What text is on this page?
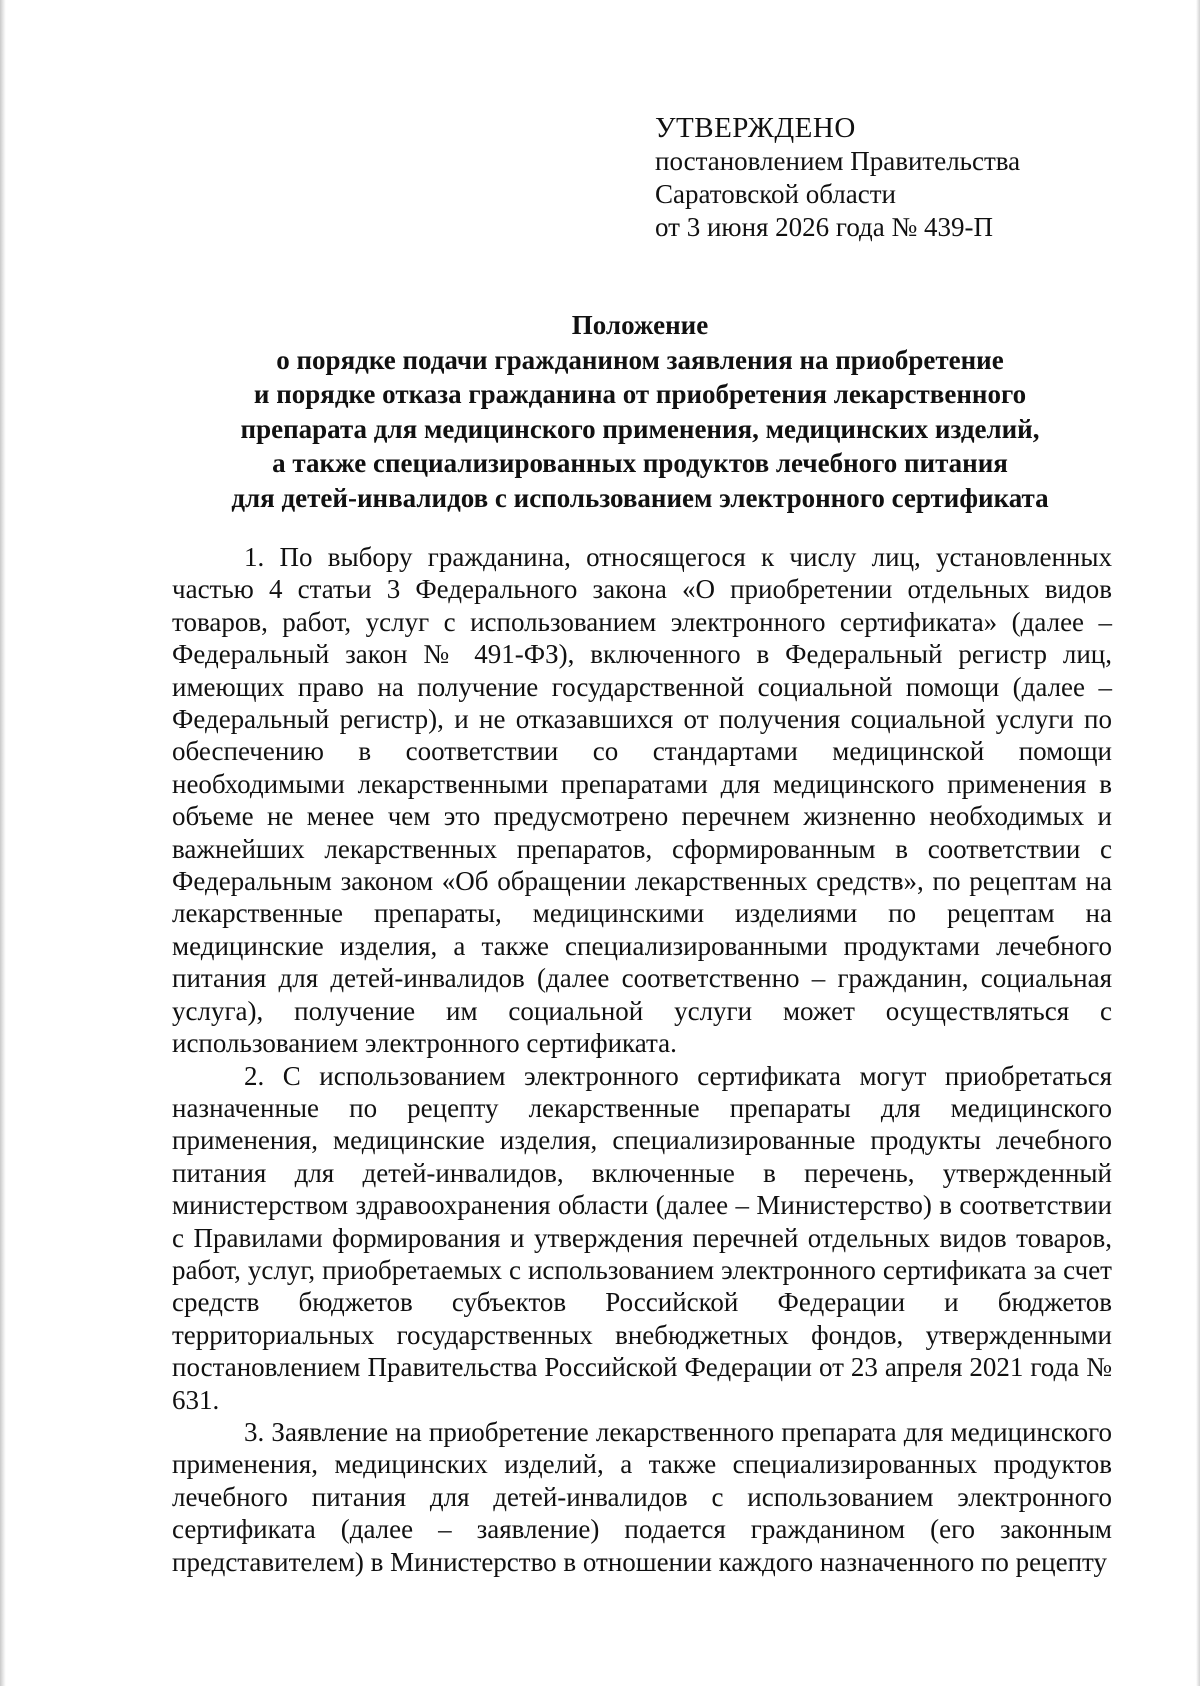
УТВЕРЖДЕНО
постановлением Правительства
Саратовской области
от 3 июня 2026 года № 439-П
Положение
о порядке подачи гражданином заявления на приобретение
и порядке отказа гражданина от приобретения лекарственного
препарата для медицинского применения, медицинских изделий,
а также специализированных продуктов лечебного питания
для детей-инвалидов с использованием электронного сертификата

1. По выбору гражданина, относящегося к числу лиц, установленных частью 4 статьи 3 Федерального закона «О приобретении отдельных видов товаров, работ, услуг с использованием электронного сертификата» (далее – Федеральный закон № 491-ФЗ), включенного в Федеральный регистр лиц, имеющих право на получение государственной социальной помощи (далее – Федеральный регистр), и не отказавшихся от получения социальной услуги по обеспечению в соответствии со стандартами медицинской помощи необходимыми лекарственными препаратами для медицинского применения в объеме не менее чем это предусмотрено перечнем жизненно необходимых и важнейших лекарственных препаратов, сформированным в соответствии с Федеральным законом «Об обращении лекарственных средств», по рецептам на лекарственные препараты, медицинскими изделиями по рецептам на медицинские изделия, а также специализированными продуктами лечебного питания для детей-инвалидов (далее соответственно – гражданин, социальная услуга), получение им социальной услуги может осуществляться с использованием электронного сертификата.

2. С использованием электронного сертификата могут приобретаться назначенные по рецепту лекарственные препараты для медицинского применения, медицинские изделия, специализированные продукты лечебного питания для детей-инвалидов, включенные в перечень, утвержденный министерством здравоохранения области (далее – Министерство) в соответствии с Правилами формирования и утверждения перечней отдельных видов товаров, работ, услуг, приобретаемых с использованием электронного сертификата за счет средств бюджетов субъектов Российской Федерации и бюджетов территориальных государственных внебюджетных фондов, утвержденными постановлением Правительства Российской Федерации от 23 апреля 2021 года № 631.

3. Заявление на приобретение лекарственного препарата для медицинского применения, медицинских изделий, а также специализированных продуктов лечебного питания для детей-инвалидов с использованием электронного сертификата (далее – заявление) подается гражданином (его законным представителем) в Министерство в отношении каждого назначенного по рецепту
